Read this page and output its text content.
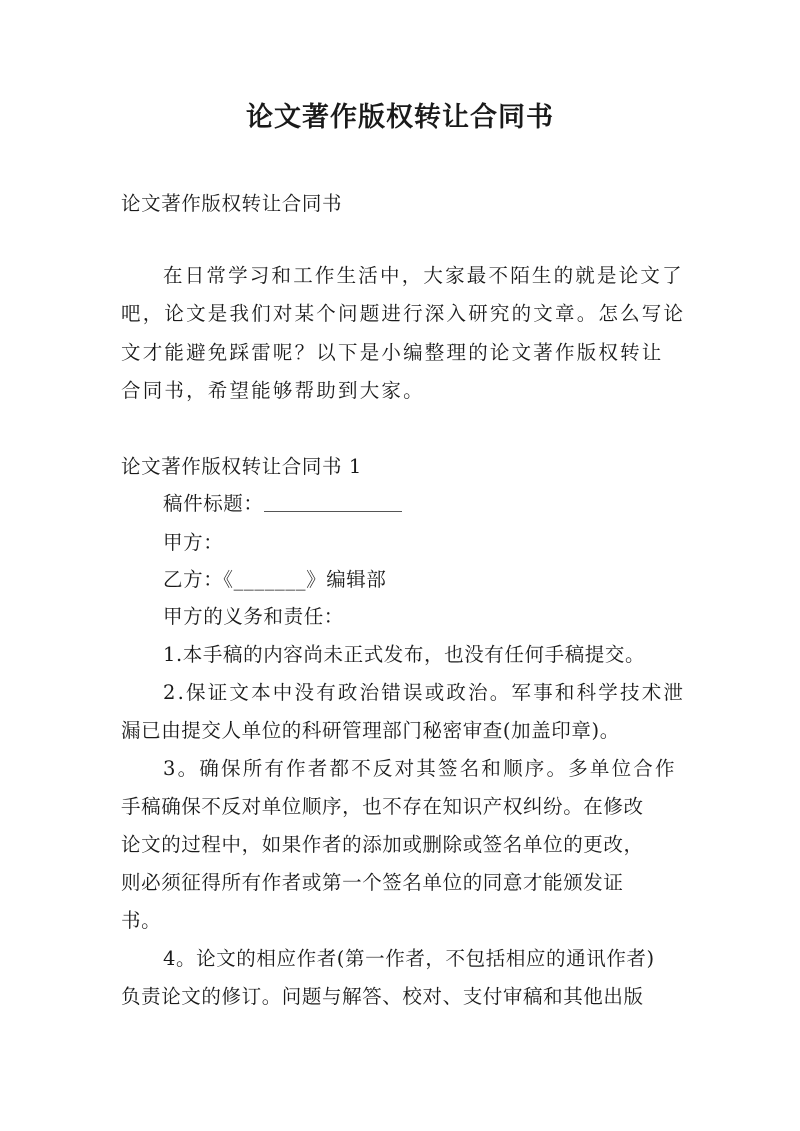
论文著作版权转让合同书
论文著作版权转让合同书
在日常学习和工作生活中，大家最不陌生的就是论文了
吧，论文是我们对某个问题进行深入研究的文章。怎么写论
文才能避免踩雷呢？以下是小编整理的论文著作版权转让
合同书，希望能够帮助到大家。
论文著作版权转让合同书 1
稿件标题：
甲方：
乙方：《_______》编辑部
甲方的义务和责任：
1.本手稿的内容尚未正式发布，也没有任何手稿提交。
2.保证文本中没有政治错误或政治。军事和科学技术泄
漏已由提交人单位的科研管理部门秘密审查(加盖印章)。
3。确保所有作者都不反对其签名和顺序。多单位合作
手稿确保不反对单位顺序，也不存在知识产权纠纷。在修改
论文的过程中，如果作者的添加或删除或签名单位的更改，
则必须征得所有作者或第一个签名单位的同意才能颁发证
书。
4。论文的相应作者(第一作者，不包括相应的通讯作者)
负责论文的修订。问题与解答、校对、支付审稿和其他出版
